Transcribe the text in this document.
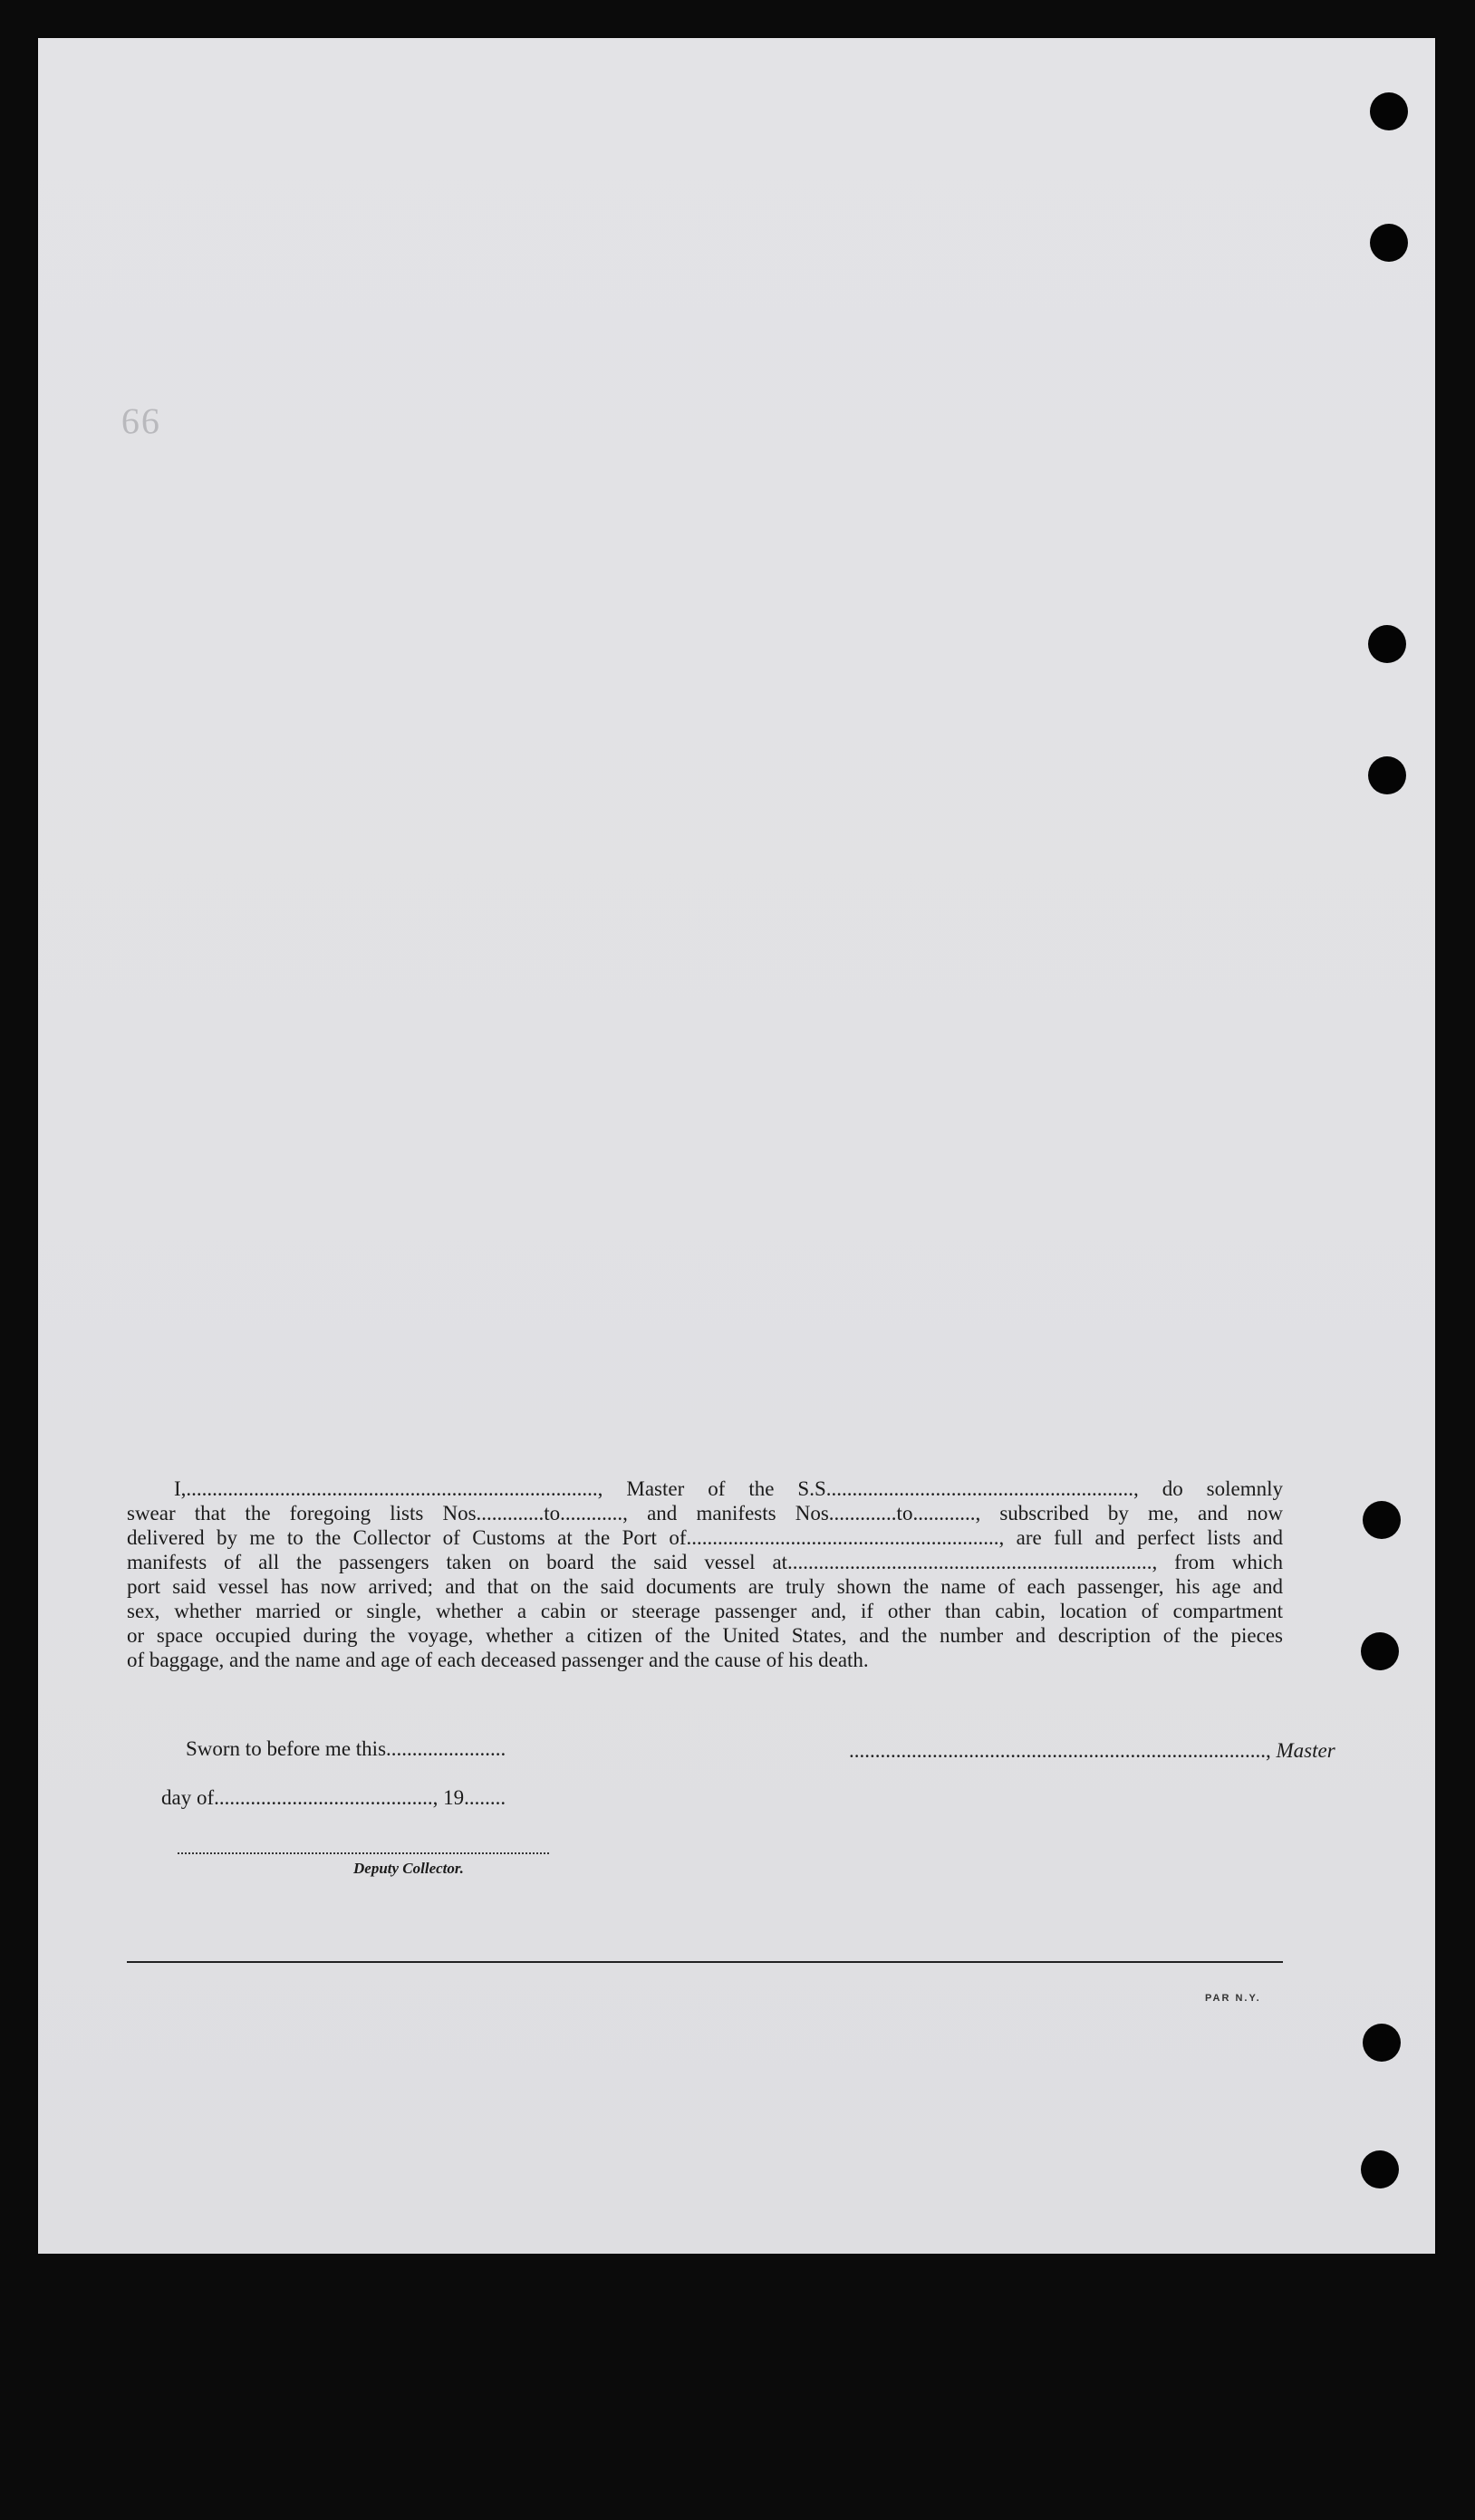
99
I,..............................................................................., Master of the S.S..........................................................., do solemnly
swear that the foregoing lists Nos.............to............, and manifests Nos.............to............, subscribed by me, and now
delivered by me to the Collector of Customs at the Port of............................................................, are full and perfect lists and
manifests of all the passengers taken on board the said vessel at......................................................................, from which
port said vessel has now arrived; and that on the said documents are truly shown the name of each passenger, his age and
sex, whether married or single, whether a cabin or steerage passenger and, if other than cabin, location of compartment
or space occupied during the voyage, whether a citizen of the United States, and the number and description of the pieces
of baggage, and the name and age of each deceased passenger and the cause of his death.
Sworn to before me this.......................	................................................................................, Master
day of.........................................., 19........
Deputy Collector.
PAR N.Y.
